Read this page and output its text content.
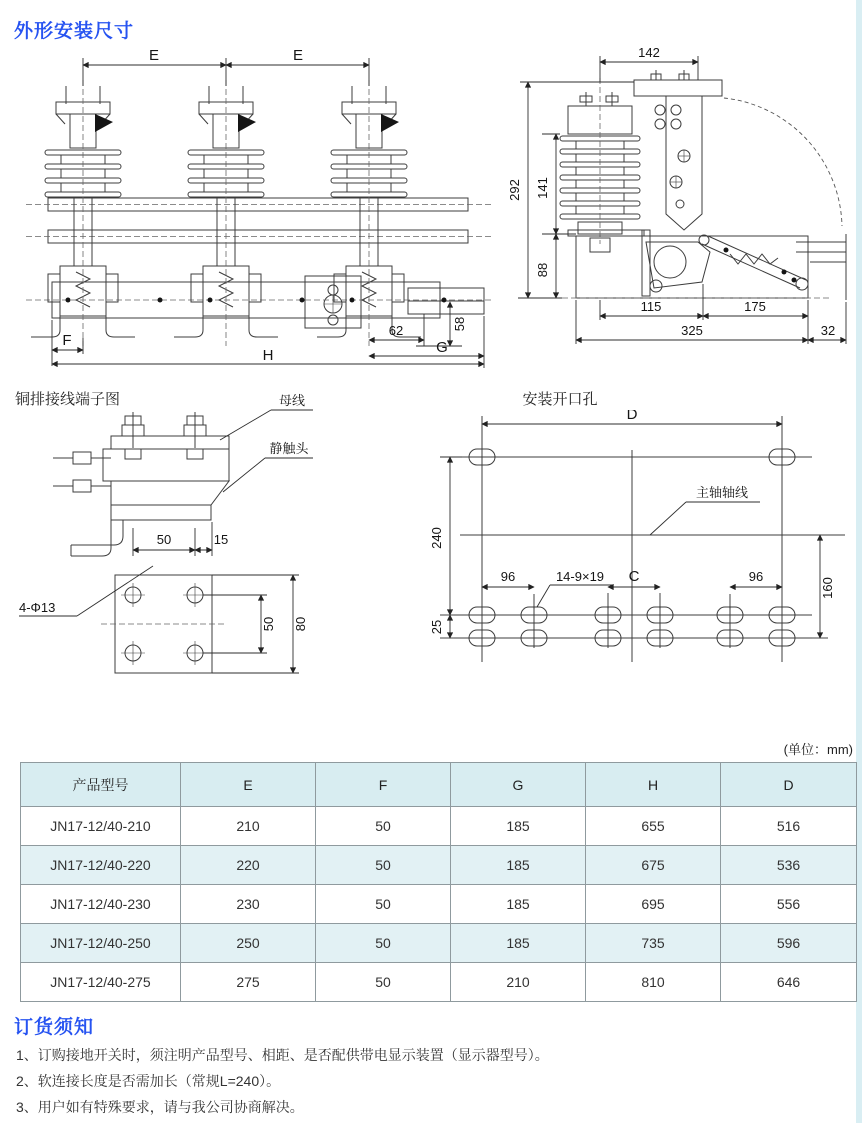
外形安装尺寸
E	E
58
62
G
F
H
142
292 141
88
115	175
325	32
铜排接线端子图	母线
静触头
50	15
4-Φ13
50 80
安装开口孔
主轴轴线
D
240
25
96	14-9×19 C	96
160
(单位：mm)
产品型号	E	F	G	H	D
JN17-12/40-210	210	50	185	655	516
JN17-12/40-220	220	50	185	675	536
JN17-12/40-230	230	50	185	695	556
JN17-12/40-250	250	50	185	735	596
JN17-12/40-275	275	50	210	810	646
订货须知
1、订购接地开关时，须注明产品型号、相距、是否配供带电显示装置（显示器型号）。
2、软连接长度是否需加长（常规L=240）。
3、用户如有特殊要求，请与我公司协商解决。
